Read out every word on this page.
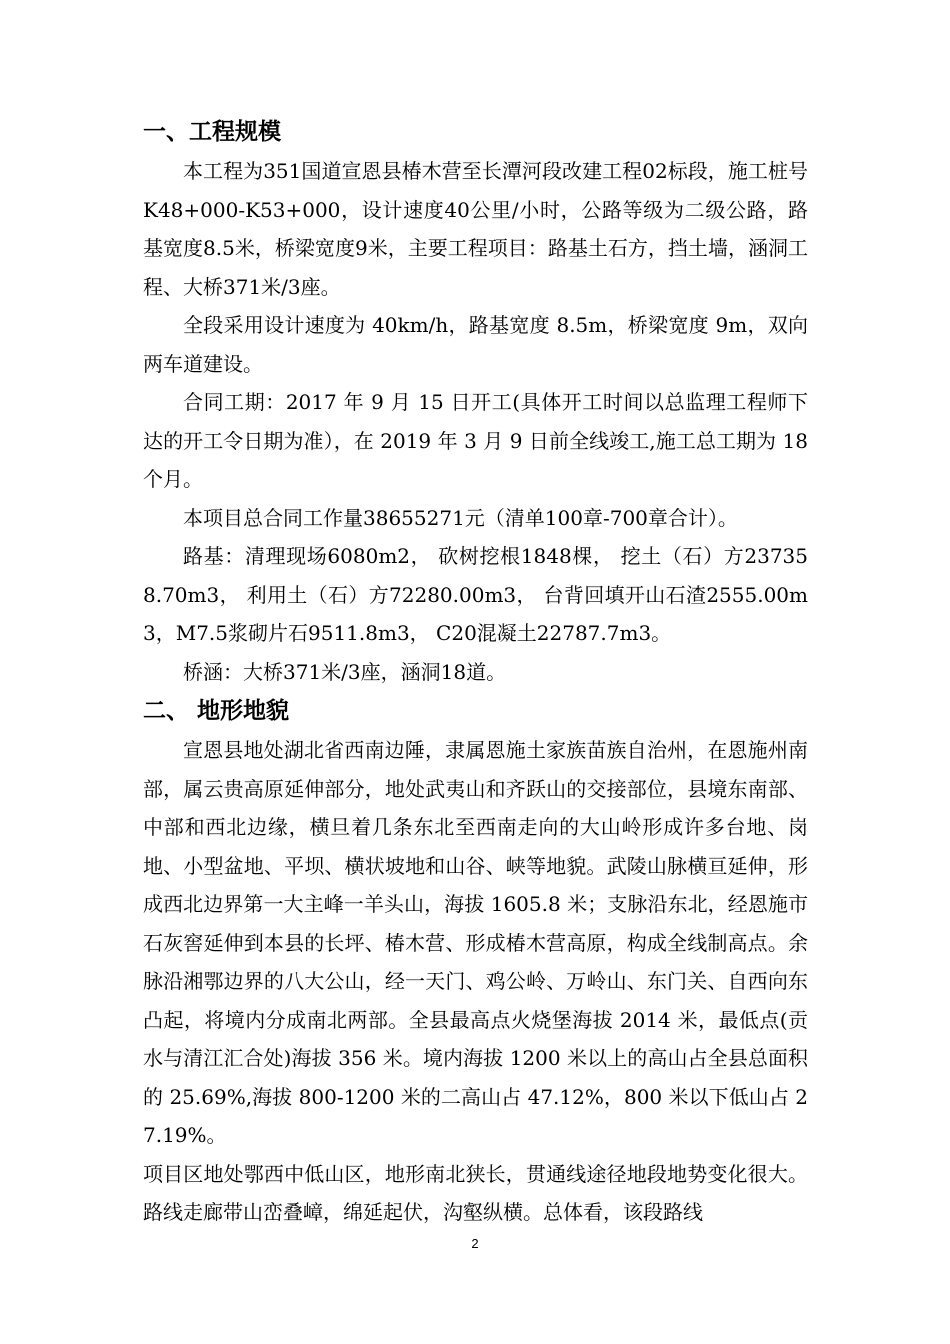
一、工程规模

本工程为351国道宣恩县椿木营至长潭河段改建工程02标段，施工桩号K48+000-K53+000，设计速度40公里/小时，公路等级为二级公路，路基宽度8.5米，桥梁宽度9米，主要工程项目：路基土石方，挡土墙，涵洞工程、大桥371米/3座。

全段采用设计速度为 40km/h，路基宽度 8.5m，桥梁宽度 9m，双向两车道建设。

合同工期：2017 年 9 月 15 日开工(具体开工时间以总监理工程师下达的开工令日期为准），在 2019 年 3 月 9 日前全线竣工,施工总工期为 18 个月。

本项目总合同工作量38655271元（清单100章-700章合计）。

路基：清理现场6080m2， 砍树挖根1848棵， 挖土（石）方237358.70m3， 利用土（石）方72280.00m3， 台背回填开山石渣2555.00m3，M7.5浆砌片石9511.8m3， C20混凝土22787.7m3。

桥涵：大桥371米/3座，涵洞18道。

二、 地形地貌

宣恩县地处湖北省西南边陲，隶属恩施土家族苗族自治州，在恩施州南部，属云贵高原延伸部分，地处武夷山和齐跃山的交接部位，县境东南部、中部和西北边缘，横旦着几条东北至西南走向的大山岭形成许多台地、岗地、小型盆地、平坝、横状坡地和山谷、峡等地貌。武陵山脉横亘延伸，形成西北边界第一大主峰一羊头山，海拔 1605.8 米；支脉沿东北，经恩施市石灰窖延伸到本县的长坪、椿木营、形成椿木营高原，构成全线制高点。余脉沿湘鄂边界的八大公山，经一天门、鸡公岭、万岭山、东门关、自西向东凸起，将境内分成南北两部。全县最高点火烧堡海拔 2014 米，最低点(贡水与清江汇合处)海拔 356 米。境内海拔 1200 米以上的高山占全县总面积的 25.69%,海拔 800-1200 米的二高山占 47.12%，800 米以下低山占 27.19%。

项目区地处鄂西中低山区，地形南北狭长，贯通线途径地段地势变化很大。路线走廊带山峦叠嶂，绵延起伏，沟壑纵横。总体看，该段路线

2
